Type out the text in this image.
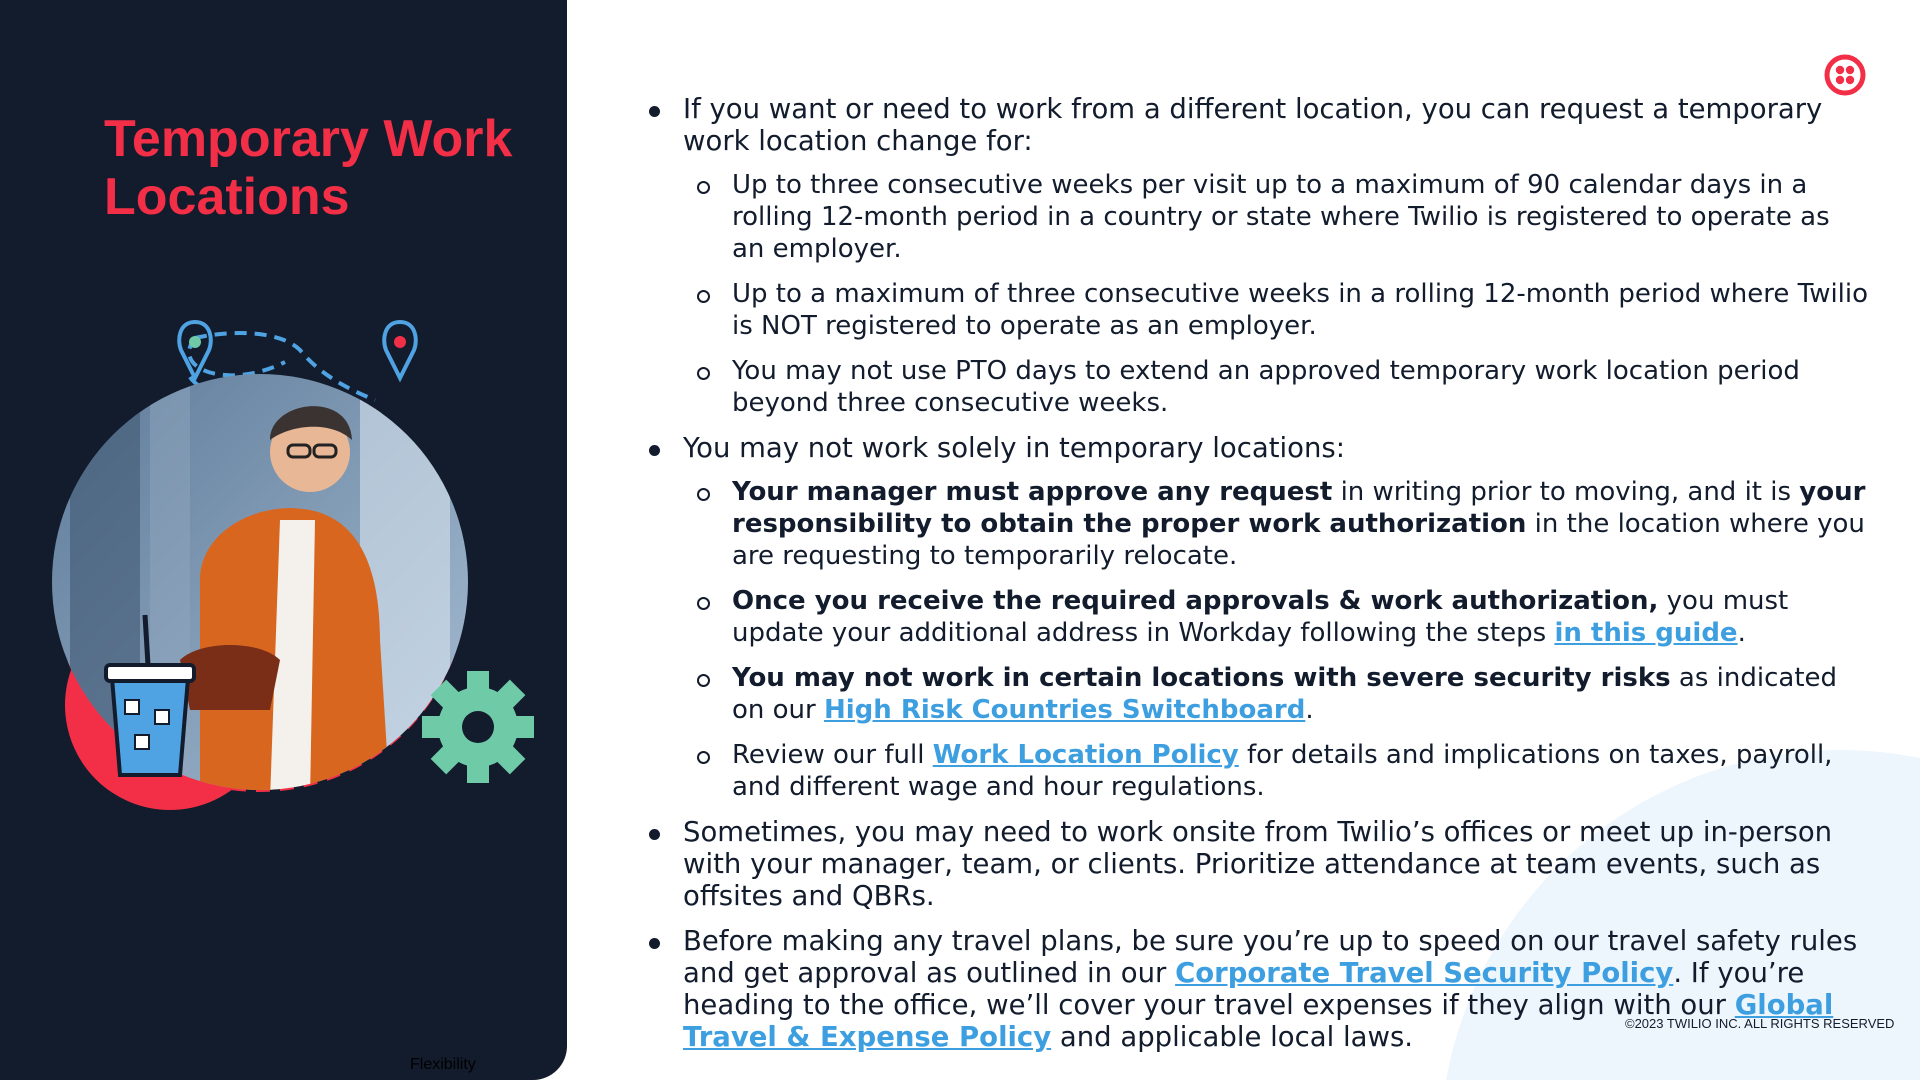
Temporary Work Locations
Flexibility
If you want or need to work from a different location, you can request a temporary work location change for:
Up to three consecutive weeks per visit up to a maximum of 90 calendar days in a rolling 12-month period in a country or state where Twilio is registered to operate as an employer.
Up to a maximum of three consecutive weeks in a rolling 12-month period where Twilio is NOT registered to operate as an employer.
You may not use PTO days to extend an approved temporary work location period beyond three consecutive weeks.
You may not work solely in temporary locations:
Your manager must approve any request in writing prior to moving, and it is your responsibility to obtain the proper work authorization in the location where you are requesting to temporarily relocate.
Once you receive the required approvals & work authorization, you must update your additional address in Workday following the steps in this guide.
You may not work in certain locations with severe security risks as indicated on our High Risk Countries Switchboard.
Review our full Work Location Policy for details and implications on taxes, payroll, and different wage and hour regulations.
Sometimes, you may need to work onsite from Twilio’s offices or meet up in-person with your manager, team, or clients. Prioritize attendance at team events, such as offsites and QBRs.
Before making any travel plans, be sure you’re up to speed on our travel safety rules and get approval as outlined in our Corporate Travel Security Policy. If you’re heading to the office, we’ll cover your travel expenses if they align with our Global Travel & Expense Policy and applicable local laws.	©2023 TWILIO INC. ALL RIGHTS RESERVED
